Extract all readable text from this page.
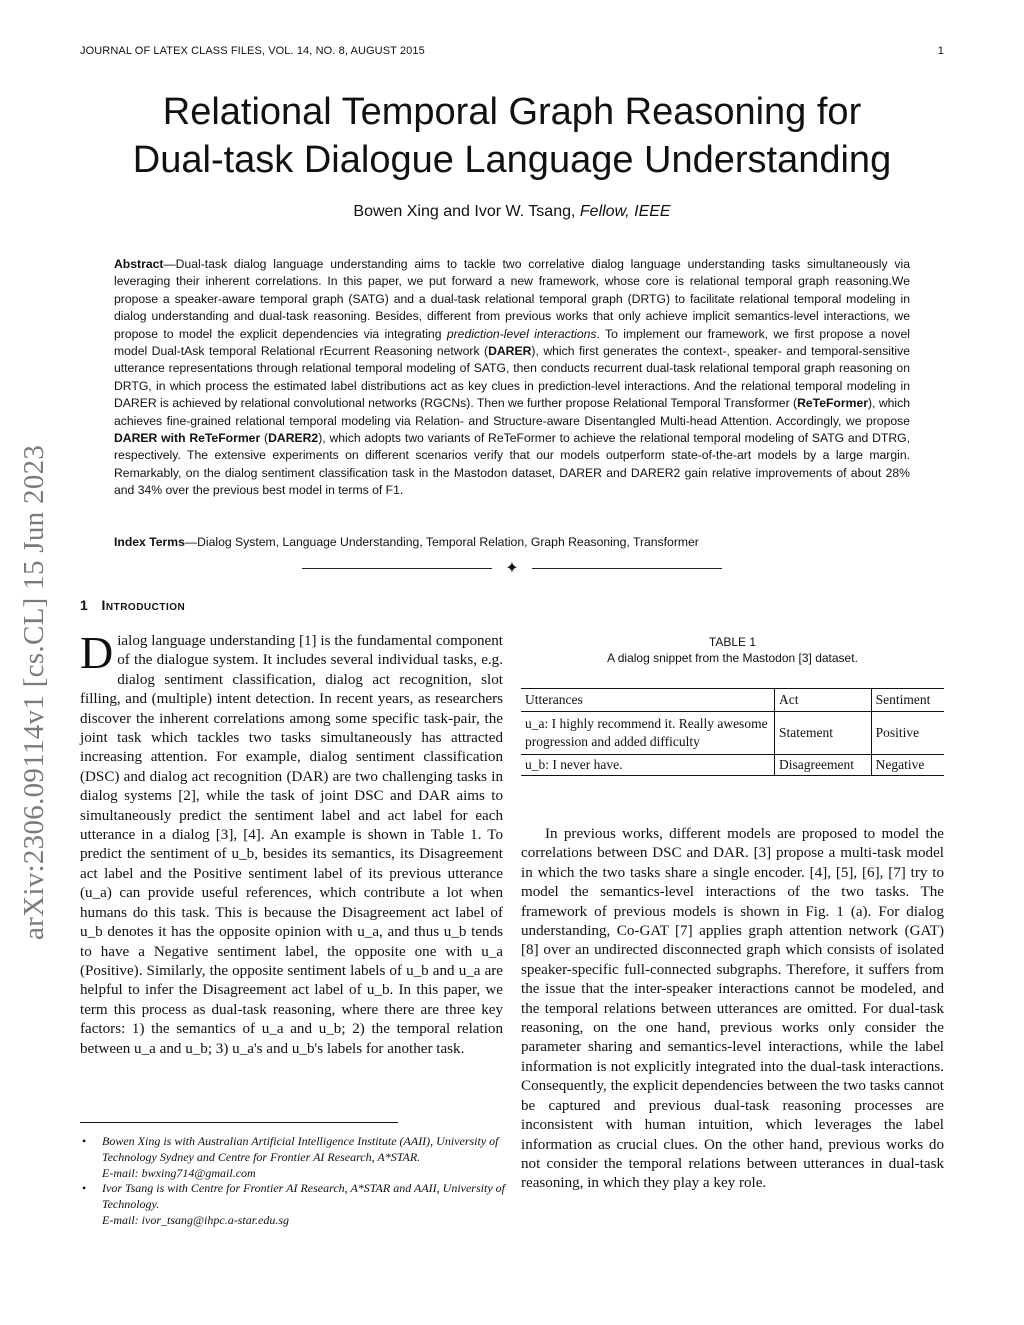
JOURNAL OF LATEX CLASS FILES, VOL. 14, NO. 8, AUGUST 2015	1
Relational Temporal Graph Reasoning for
Dual-task Dialogue Language Understanding
Bowen Xing and Ivor W. Tsang, Fellow, IEEE
Abstract—Dual-task dialog language understanding aims to tackle two correlative dialog language understanding tasks simultaneously via leveraging their inherent correlations. In this paper, we put forward a new framework, whose core is relational temporal graph reasoning.We propose a speaker-aware temporal graph (SATG) and a dual-task relational temporal graph (DRTG) to facilitate relational temporal modeling in dialog understanding and dual-task reasoning. Besides, different from previous works that only achieve implicit semantics-level interactions, we propose to model the explicit dependencies via integrating prediction-level interactions. To implement our framework, we first propose a novel model Dual-tAsk temporal Relational rEcurrent Reasoning network (DARER), which first generates the context-, speaker- and temporal-sensitive utterance representations through relational temporal modeling of SATG, then conducts recurrent dual-task relational temporal graph reasoning on DRTG, in which process the estimated label distributions act as key clues in prediction-level interactions. And the relational temporal modeling in DARER is achieved by relational convolutional networks (RGCNs). Then we further propose Relational Temporal Transformer (ReTeFormer), which achieves fine-grained relational temporal modeling via Relation- and Structure-aware Disentangled Multi-head Attention. Accordingly, we propose DARER with ReTeFormer (DARER2), which adopts two variants of ReTeFormer to achieve the relational temporal modeling of SATG and DTRG, respectively. The extensive experiments on different scenarios verify that our models outperform state-of-the-art models by a large margin. Remarkably, on the dialog sentiment classification task in the Mastodon dataset, DARER and DARER2 gain relative improvements of about 28% and 34% over the previous best model in terms of F1.
Index Terms—Dialog System, Language Understanding, Temporal Relation, Graph Reasoning, Transformer
✦
1 Introduction
Dialog language understanding [1] is the fundamental component of the dialogue system. It includes several individual tasks, e.g. dialog sentiment classification, dialog act recognition, slot filling, and (multiple) intent detection. In recent years, as researchers discover the inherent correlations among some specific task-pair, the joint task which tackles two tasks simultaneously has attracted increasing attention. For example, dialog sentiment classification (DSC) and dialog act recognition (DAR) are two challenging tasks in dialog systems [2], while the task of joint DSC and DAR aims to simultaneously predict the sentiment label and act label for each utterance in a dialog [3], [4]. An example is shown in Table 1. To predict the sentiment of u_b, besides its semantics, its Disagreement act label and the Positive sentiment label of its previous utterance (u_a) can provide useful references, which contribute a lot when humans do this task. This is because the Disagreement act label of u_b denotes it has the opposite opinion with u_a, and thus u_b tends to have a Negative sentiment label, the opposite one with u_a (Positive). Similarly, the opposite sentiment labels of u_b and u_a are helpful to infer the Disagreement act label of u_b. In this paper, we term this process as dual-task reasoning, where there are three key factors: 1) the semantics of u_a and u_b; 2) the temporal relation between u_a and u_b; 3) u_a's and u_b's labels for another task.
• Bowen Xing is with Australian Artificial Intelligence Institute (AAII), University of Technology Sydney and Centre for Frontier AI Research, A*STAR.
E-mail: bwxing714@gmail.com
• Ivor Tsang is with Centre for Frontier AI Research, A*STAR and AAII, University of Technology.
E-mail: ivor_tsang@ihpc.a-star.edu.sg
TABLE 1
A dialog snippet from the Mastodon [3] dataset.
Utterances	Act	Sentiment
u_a: I highly recommend it. Really awesome progression and added difficulty	Statement	Positive
u_b: I never have.	Disagreement	Negative
In previous works, different models are proposed to model the correlations between DSC and DAR. [3] propose a multi-task model in which the two tasks share a single encoder. [4], [5], [6], [7] try to model the semantics-level interactions of the two tasks. The framework of previous models is shown in Fig. 1 (a). For dialog understanding, Co-GAT [7] applies graph attention network (GAT) [8] over an undirected disconnected graph which consists of isolated speaker-specific full-connected subgraphs. Therefore, it suffers from the issue that the inter-speaker interactions cannot be modeled, and the temporal relations between utterances are omitted. For dual-task reasoning, on the one hand, previous works only consider the parameter sharing and semantics-level interactions, while the label information is not explicitly integrated into the dual-task interactions. Consequently, the explicit dependencies between the two tasks cannot be captured and previous dual-task reasoning processes are inconsistent with human intuition, which leverages the label information as crucial clues. On the other hand, previous works do not consider the temporal relations between utterances in dual-task reasoning, in which they play a key role.
arXiv:2306.09114v1 [cs.CL] 15 Jun 2023
